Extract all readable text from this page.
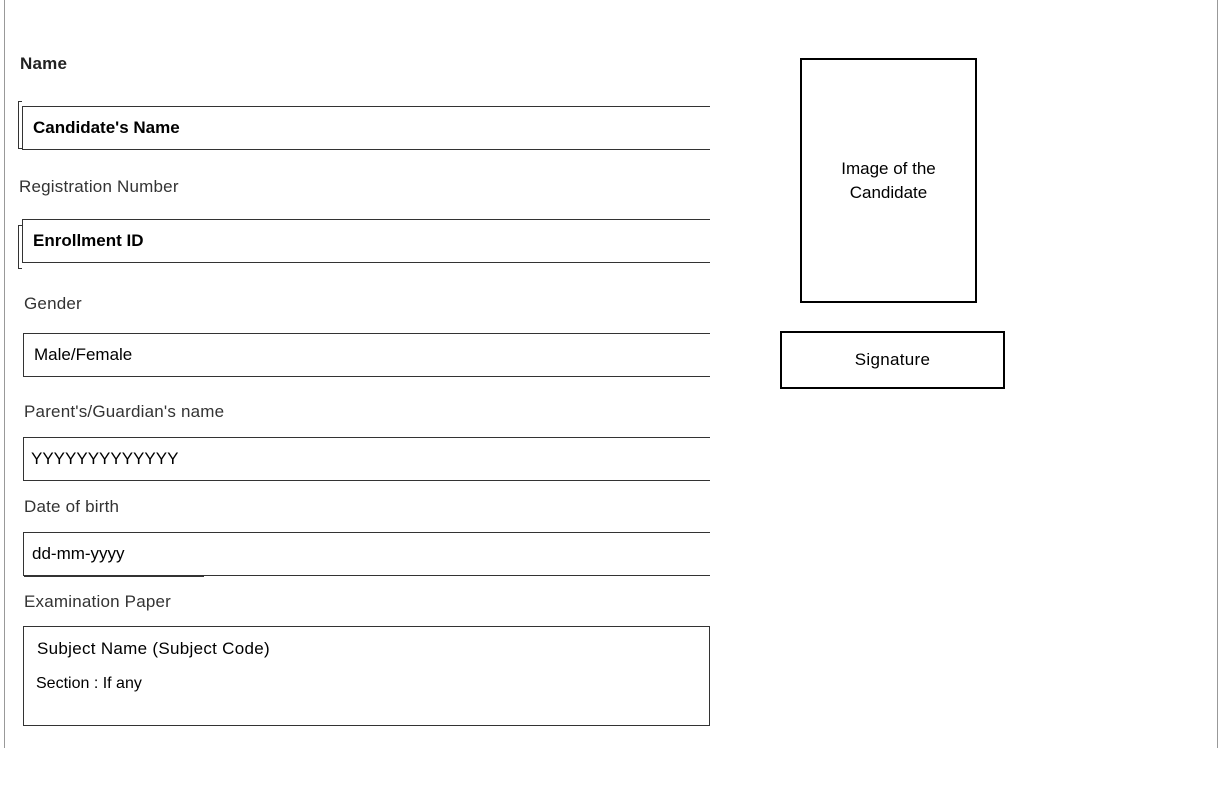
Name
Candidate's Name
Registration Number
Enrollment ID
Gender
Male/Female
Parent's/Guardian's name
YYYYYYYYYYYYY
Date of birth
dd-mm-yyyy
Examination Paper
Subject Name (Subject Code)
Section : If any
Image of the
Candidate
Signature
